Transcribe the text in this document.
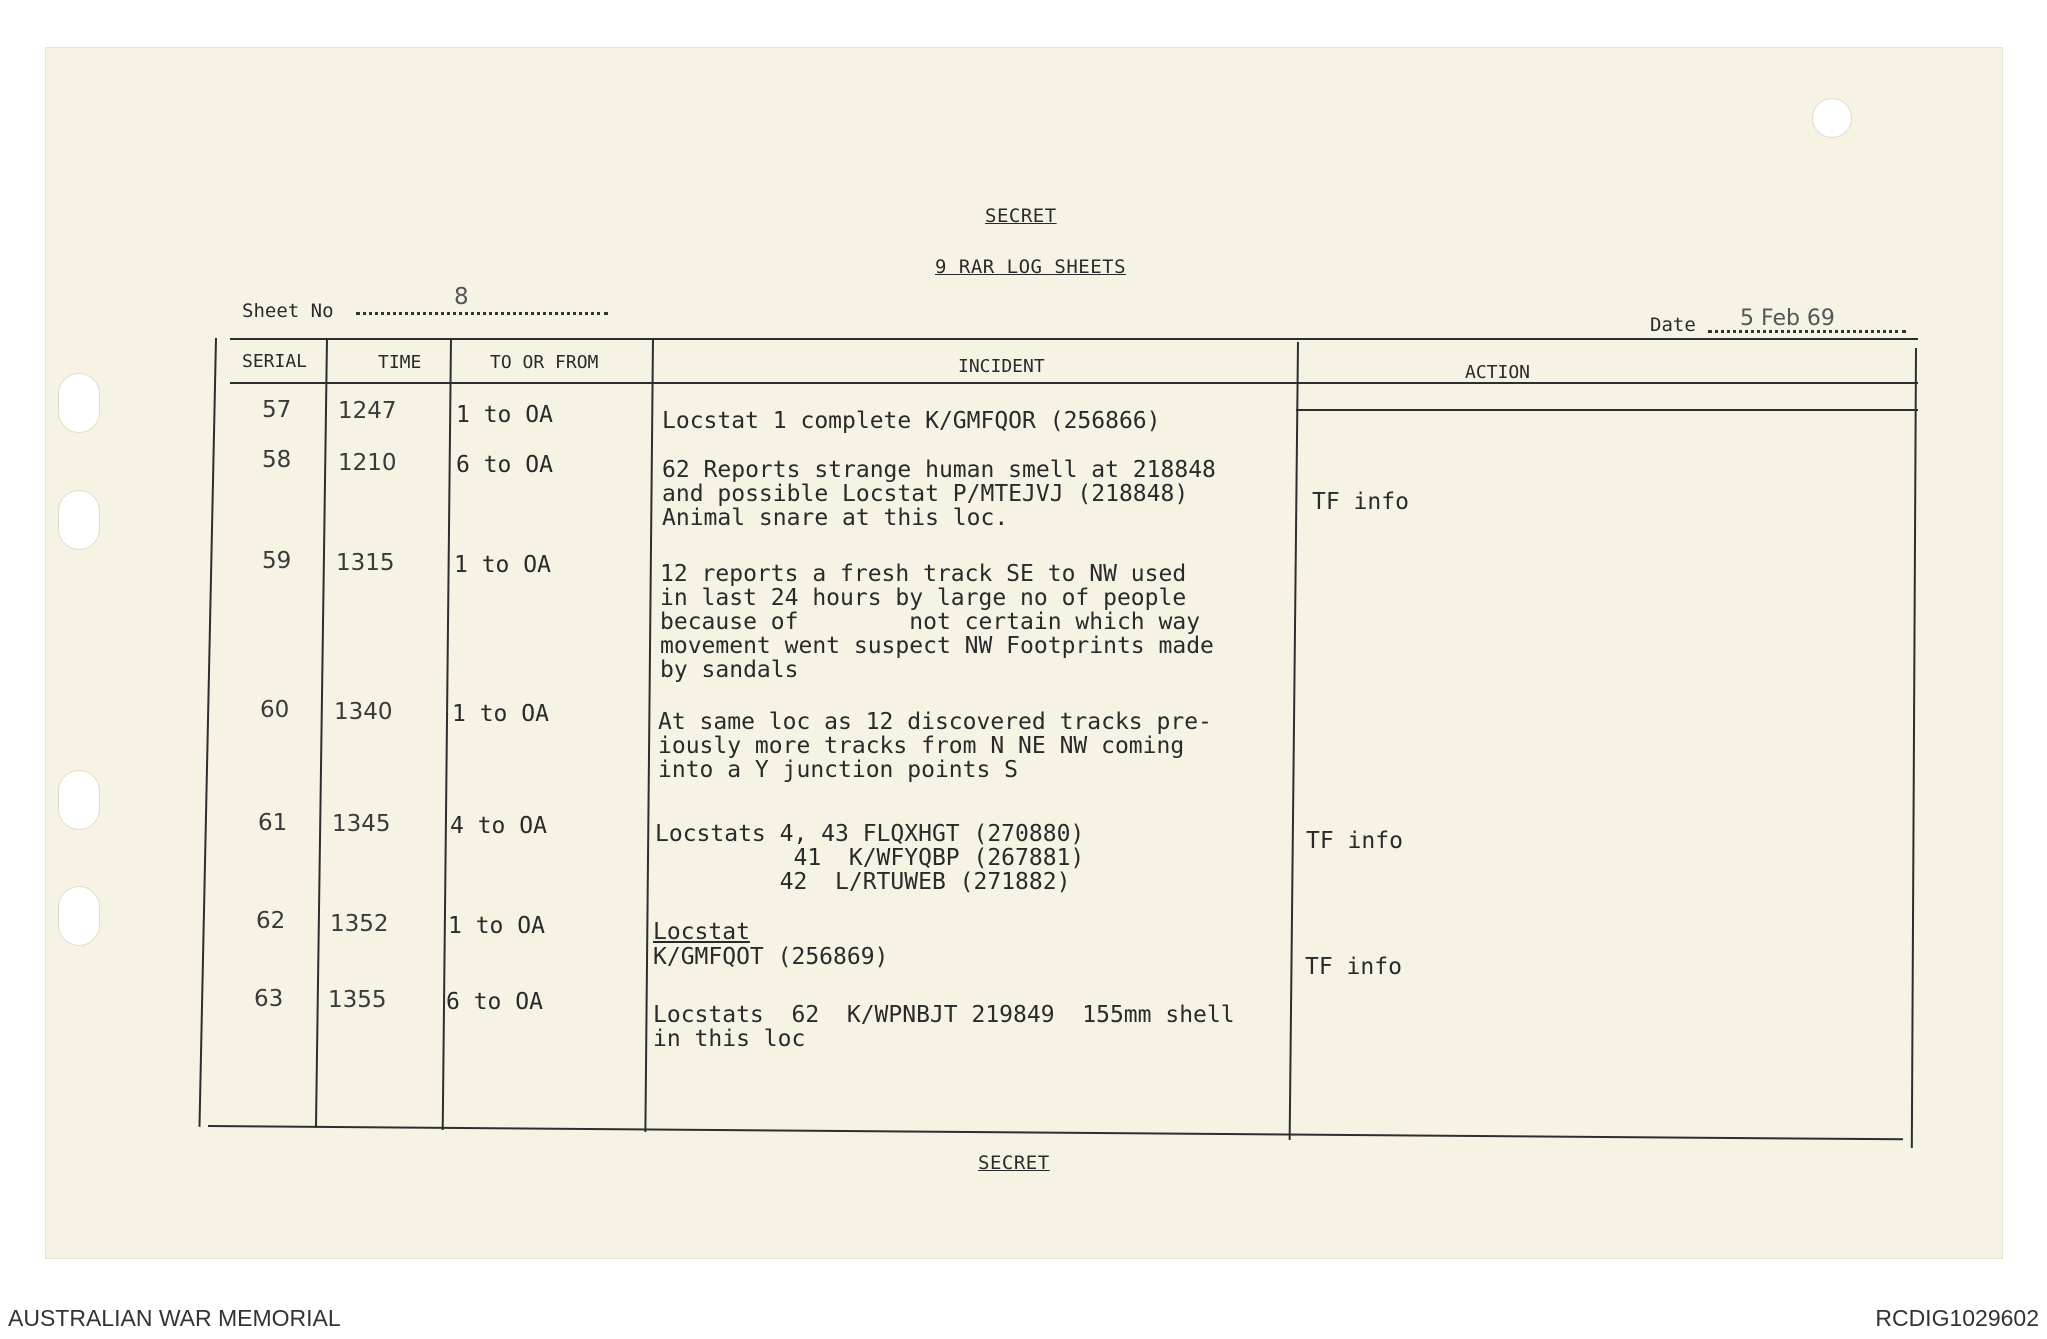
SECRET
9 RAR LOG SHEETS
Sheet No
8
Date 5 Feb 69
SERIAL	TIME	TO OR FROM	INCIDENT	ACTION
57 1247	1 to OA	Locstat 1 complete K/GMFQOR (256866)
58 1210	6 to OA	62 Reports strange human smell at 218848
and possible Locstat P/MTEJVJ (218848)
Animal snare at this loc.
TF info
59 1315	1 to OA	12 reports a fresh track SE to NW used
in last 24 hours by large no of people
because of        not certain which way
movement went suspect NW Footprints made
by sandals
60 1340	1 to OA	At same loc as 12 discovered tracks pre-
iously more tracks from N NE NW coming
into a Y junction points S
61 1345	4 to OA	Locstats 4, 43 FLQXHGT (270880)
41  K/WFYQBP (267881)
42  L/RTUWEB (271882)
TF info
62 1352	1 to OA	Locstat
K/GMFQOT (256869)	TF info
63 1355	6 to OA	Locstats  62  K/WPNBJT 219849  155mm shell
in this loc
SECRET
AUSTRALIAN WAR MEMORIAL	RCDIG1029602
